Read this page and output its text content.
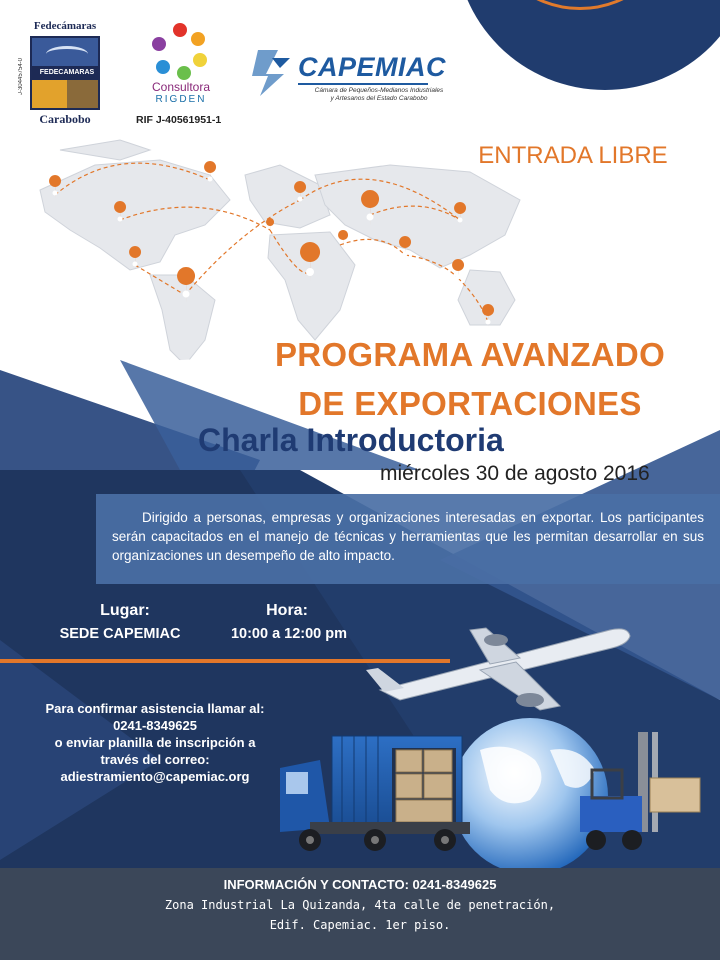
Fedecámaras
FEDECAMARAS
J-30445754-0
Carabobo
Consultora
RIGDEN
RIF J-40561951-1
CAPEMIAC
Cámara de Pequeños-Medianos Industriales
y Artesanos del Estado Carabobo
ENTRADA LIBRE
PROGRAMA AVANZADO
DE EXPORTACIONES
Charla Introductoria
miércoles 30 de agosto 2016
Dirigido a personas, empresas y organizaciones interesadas en exportar. Los participantes serán capacitados en el manejo de técnicas y herramientas que les permitan desarrollar en sus organizaciones un desempeño de alto impacto.
Lugar:
SEDE CAPEMIAC
Hora:
10:00 a 12:00 pm
Para confirmar asistencia llamar al:
0241-8349625
o enviar planilla de inscripción a
través del correo:
adiestramiento@capemiac.org
INFORMACIÓN Y CONTACTO: 0241-8349625
Zona Industrial La Quizanda, 4ta calle de penetración,
Edif. Capemiac. 1er piso.
